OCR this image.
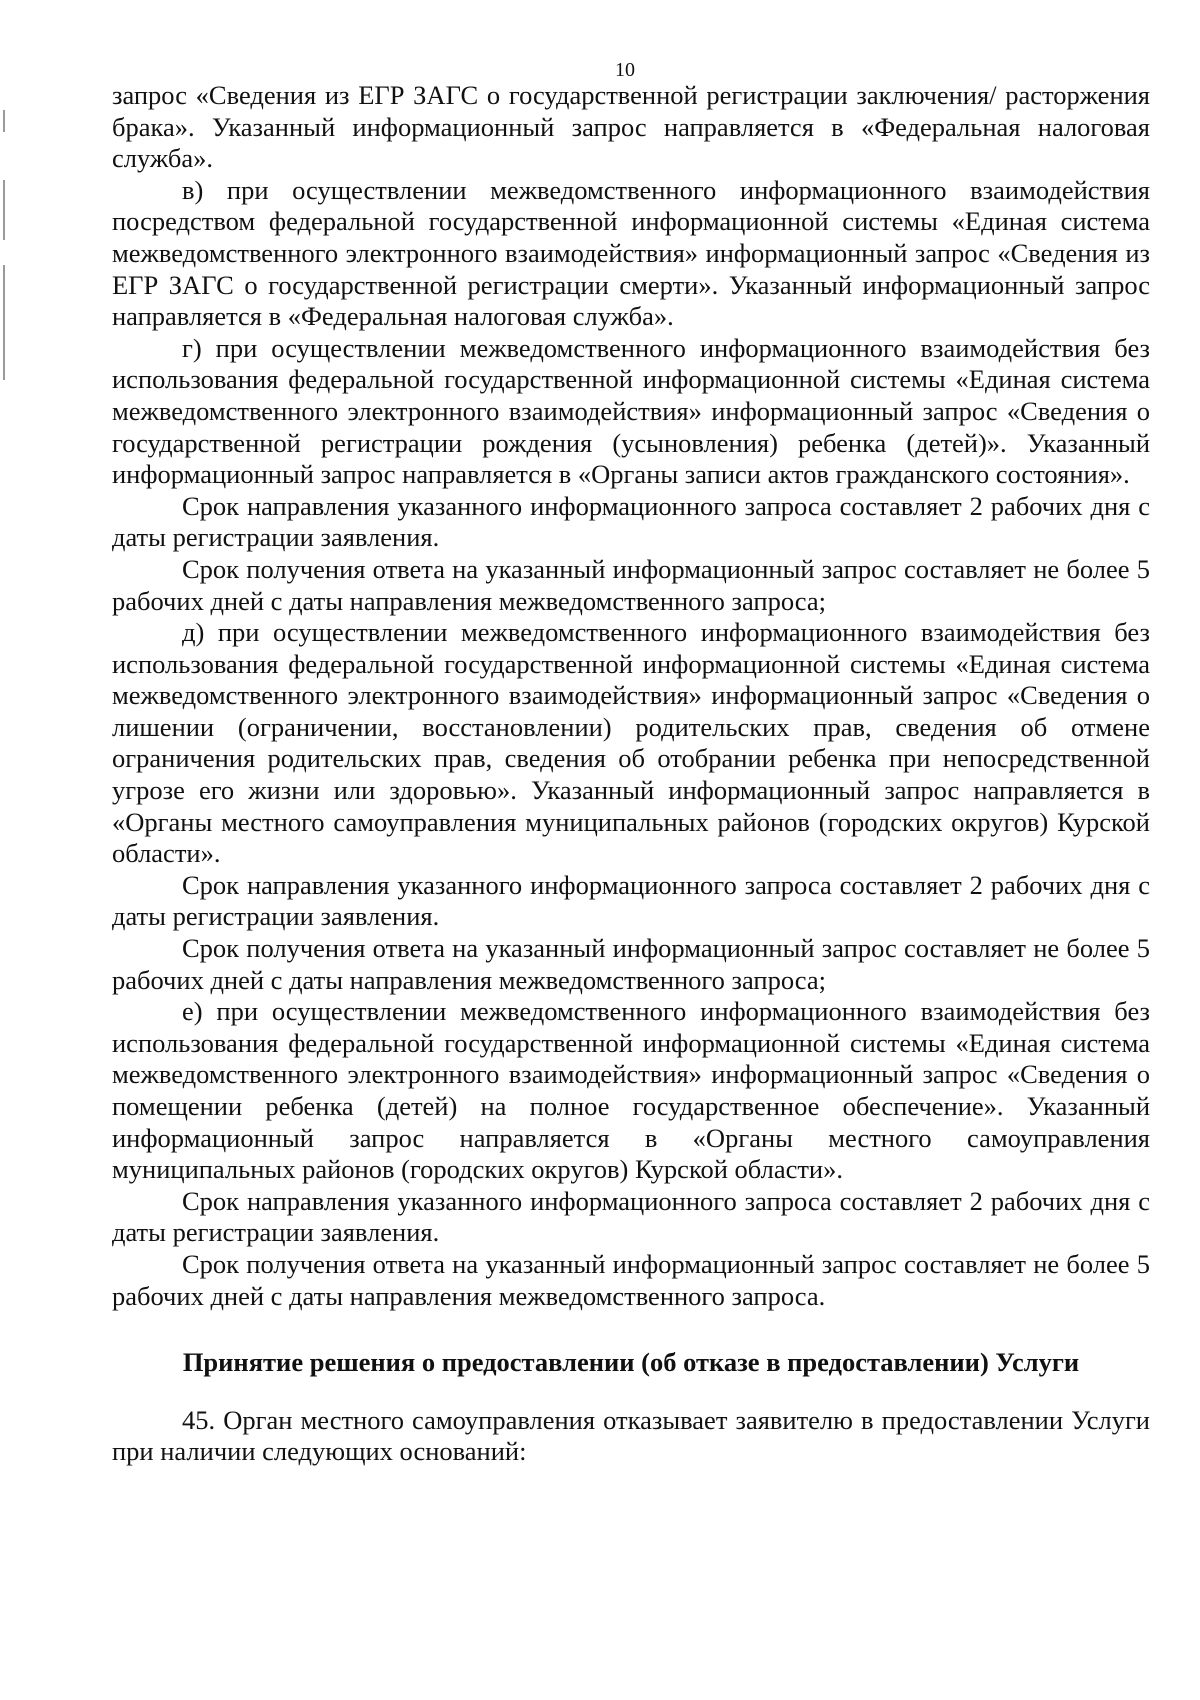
10

запрос «Сведения из ЕГР ЗАГС о государственной регистрации заключения/ расторжения брака». Указанный информационный запрос направляется в «Федеральная налоговая служба».

в) при осуществлении межведомственного информационного взаимодействия посредством федеральной государственной информационной системы «Единая система межведомственного электронного взаимодействия» информационный запрос «Сведения из ЕГР ЗАГС о государственной регистрации смерти». Указанный информационный запрос направляется в «Федеральная налоговая служба».

г) при осуществлении межведомственного информационного взаимодействия без использования федеральной государственной информационной системы «Единая система межведомственного электронного взаимодействия» информационный запрос «Сведения о государственной регистрации рождения (усыновления) ребенка (детей)». Указанный информационный запрос направляется в «Органы записи актов гражданского состояния».

Срок направления указанного информационного запроса составляет 2 рабочих дня с даты регистрации заявления.

Срок получения ответа на указанный информационный запрос составляет не более 5 рабочих дней с даты направления межведомственного запроса;

д) при осуществлении межведомственного информационного взаимодействия без использования федеральной государственной информационной системы «Единая система межведомственного электронного взаимодействия» информационный запрос «Сведения о лишении (ограничении, восстановлении) родительских прав, сведения об отмене ограничения родительских прав, сведения об отобрании ребенка при непосредственной угрозе его жизни или здоровью». Указанный информационный запрос направляется в «Органы местного самоуправления муниципальных районов (городских округов) Курской области».

Срок направления указанного информационного запроса составляет 2 рабочих дня с даты регистрации заявления.

Срок получения ответа на указанный информационный запрос составляет не более 5 рабочих дней с даты направления межведомственного запроса;

е) при осуществлении межведомственного информационного взаимодействия без использования федеральной государственной информационной системы «Единая система межведомственного электронного взаимодействия» информационный запрос «Сведения о помещении ребенка (детей) на полное государственное обеспечение». Указанный информационный запрос направляется в «Органы местного самоуправления муниципальных районов (городских округов) Курской области».

Срок направления указанного информационного запроса составляет 2 рабочих дня с даты регистрации заявления.

Срок получения ответа на указанный информационный запрос составляет не более 5 рабочих дней с даты направления межведомственного запроса.

Принятие решения о предоставлении (об отказе в предоставлении) Услуги

45. Орган местного самоуправления отказывает заявителю в предоставлении Услуги при наличии следующих оснований:
